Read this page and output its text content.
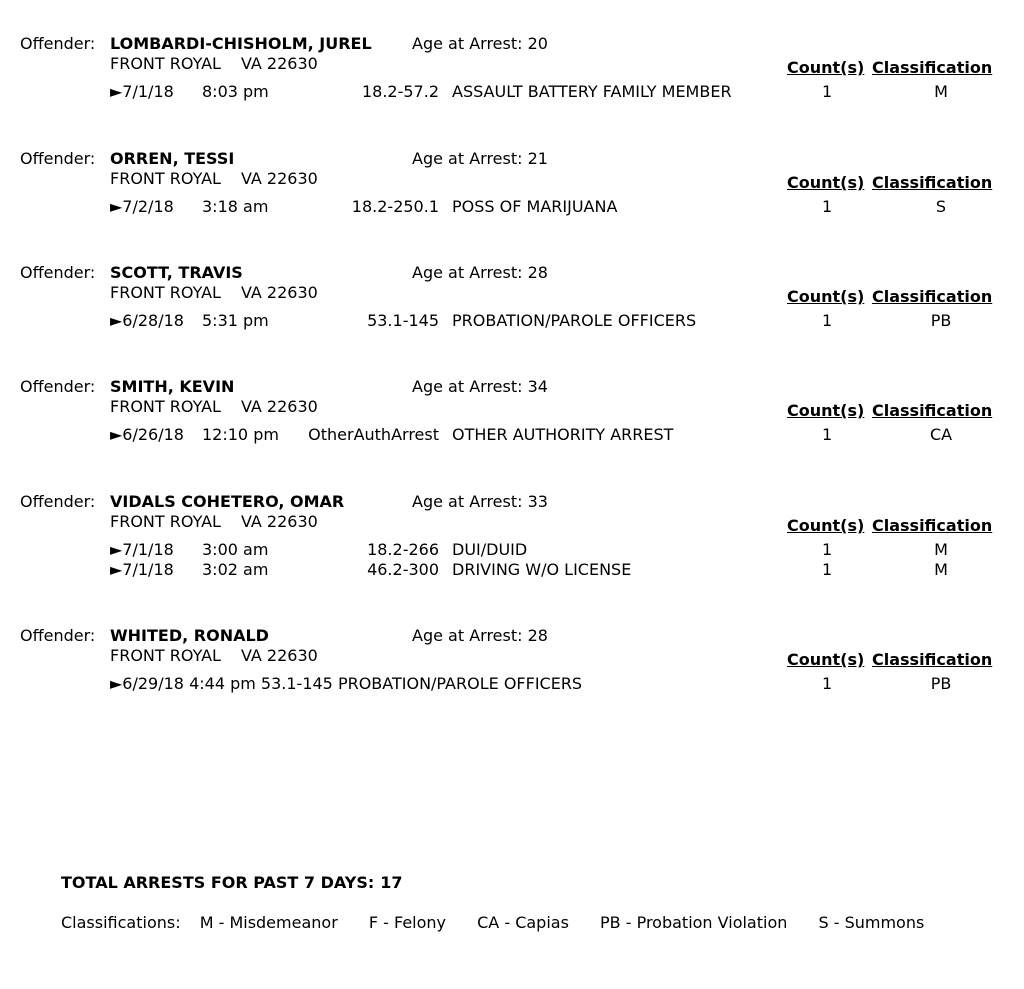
Offender: LOMBARDI-CHISHOLM, JUREL	Age at Arrest: 20
FRONT ROYAL VA 22630	Count(s) Classification
►7/1/18 8:03 pm	18.2-57.2 ASSAULT BATTERY FAMILY MEMBER	1	M
Offender: ORREN, TESSI	Age at Arrest: 21
FRONT ROYAL VA 22630	Count(s) Classification
►7/2/18 3:18 am	18.2-250.1 POSS OF MARIJUANA	1	S
Offender: SCOTT, TRAVIS	Age at Arrest: 28
FRONT ROYAL VA 22630	Count(s) Classification
►6/28/18 5:31 pm	53.1-145 PROBATION/PAROLE OFFICERS	1	PB
Offender: SMITH, KEVIN	Age at Arrest: 34
FRONT ROYAL VA 22630	Count(s) Classification
►6/26/18 12:10 pm OtherAuthArrest OTHER AUTHORITY ARREST	1	CA
Offender: VIDALS COHETERO, OMAR	Age at Arrest: 33
FRONT ROYAL VA 22630	Count(s) Classification
►7/1/18 3:00 am	18.2-266 DUI/DUID	1	M
►7/1/18 3:02 am	46.2-300 DRIVING W/O LICENSE	1	M
Offender: WHITED, RONALD	Age at Arrest: 28
FRONT ROYAL VA 22630	Count(s) Classification
►6/29/18 4:44 pm 53.1-145 PROBATION/PAROLE OFFICERS	1	PB
TOTAL ARRESTS FOR PAST 7 DAYS: 17
Classifications: M - Misdemeanor F - Felony CA - Capias PB - Probation Violation S - Summons
